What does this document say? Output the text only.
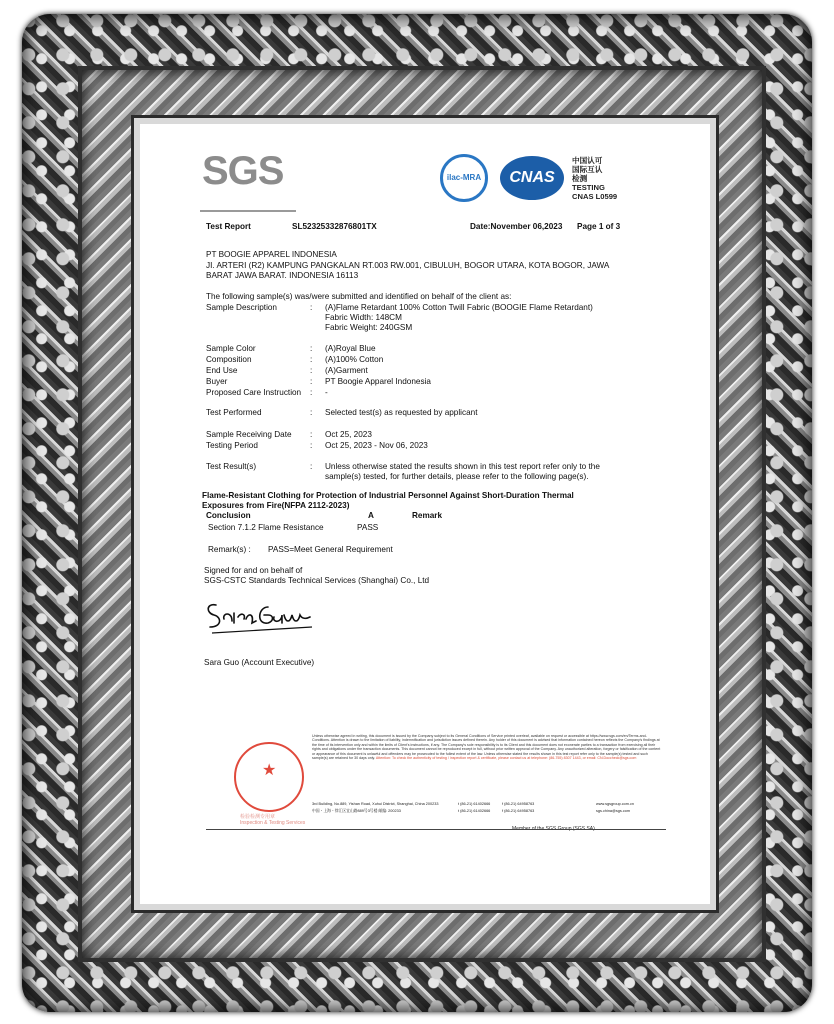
SGS	ilac-MRA	CNAS
中国认可
国际互认
检测
TESTING
CNAS L0599
Test Report	SL52325332876801TX	Date:November 06,2023 Page 1 of 3
PT BOOGIE APPAREL INDONESIA
JI. ARTERI (R2) KAMPUNG PANGKALAN RT.003 RW.001, CIBULUH, BOGOR UTARA, KOTA BOGOR, JAWA
BARAT JAWA BARAT. INDONESIA 16113
The following sample(s) was/were submitted and identified on behalf of the client as:
Sample Description	: (A)Flame Retardant 100% Cotton Twill Fabric (BOOGIE Flame Retardant)
Fabric Width: 148CM
Fabric Weight: 240GSM
Sample Color	: (A)Royal Blue
Composition	: (A)100% Cotton
End Use	: (A)Garment
Buyer	: PT Boogie Apparel Indonesia
Proposed Care Instruction : -
Test Performed	: Selected test(s) as requested by applicant
Sample Receiving Date : Oct 25, 2023
Testing Period	: Oct 25, 2023 - Nov 06, 2023
Test Result(s)	: Unless otherwise stated the results shown in this test report refer only to the
sample(s) tested, for further details, please refer to the following page(s).
Flame-Resistant Clothing for Protection of Industrial Personnel Against Short-Duration Thermal
Exposures from Fire(NFPA 2112-2023)
Conclusion	A	Remark
Section 7.1.2 Flame Resistance	PASS
Remark(s) : PASS=Meet General Requirement
Signed for and on behalf of
SGS-CSTC Standards Technical Services (Shanghai) Co., Ltd
Sara Guo (Account Executive)
★
检验检测专用章
Inspection & Testing Services
Unless otherwise agreed in writing, this document is issued by the Company subject to its General Conditions of Service printed overleaf, available on request or accessible at https://www.sgs.com/en/Terms-and-Conditions. Attention is drawn to the limitation of liability, indemnification and jurisdiction issues defined therein. Any holder of this document is advised that information contained hereon reflects the Company's findings at the time of its intervention only and within the limits of Client's instructions, if any. The Company's sole responsibility is to its Client and this document does not exonerate parties to a transaction from exercising all their rights and obligations under the transaction documents. This document cannot be reproduced except in full, without prior written approval of the Company. Any unauthorized alteration, forgery or falsification of the content or appearance of this document is unlawful and offenders may be prosecuted to the fullest extent of the law. Unless otherwise stated the results shown in this test report refer only to the sample(s) tested and such sample(s) are retained for 30 days only. Attention: To check the authenticity of testing / inspection report & certificate, please contact us at telephone: (86-755) 8307 1443, or email: CN.Doccheck@sgs.com
3rd Building, No.889, Yishan Road, Xuhui District, Shanghai, China 200233
中国・上海・徐汇区宜山路889号3号楼 邮编: 200233
t (86-21) 61402666
t (86-21) 61402666
f (86-21) 64958763
f (86-21) 64958763
www.sgsgroup.com.cn
sgs.china@sgs.com
